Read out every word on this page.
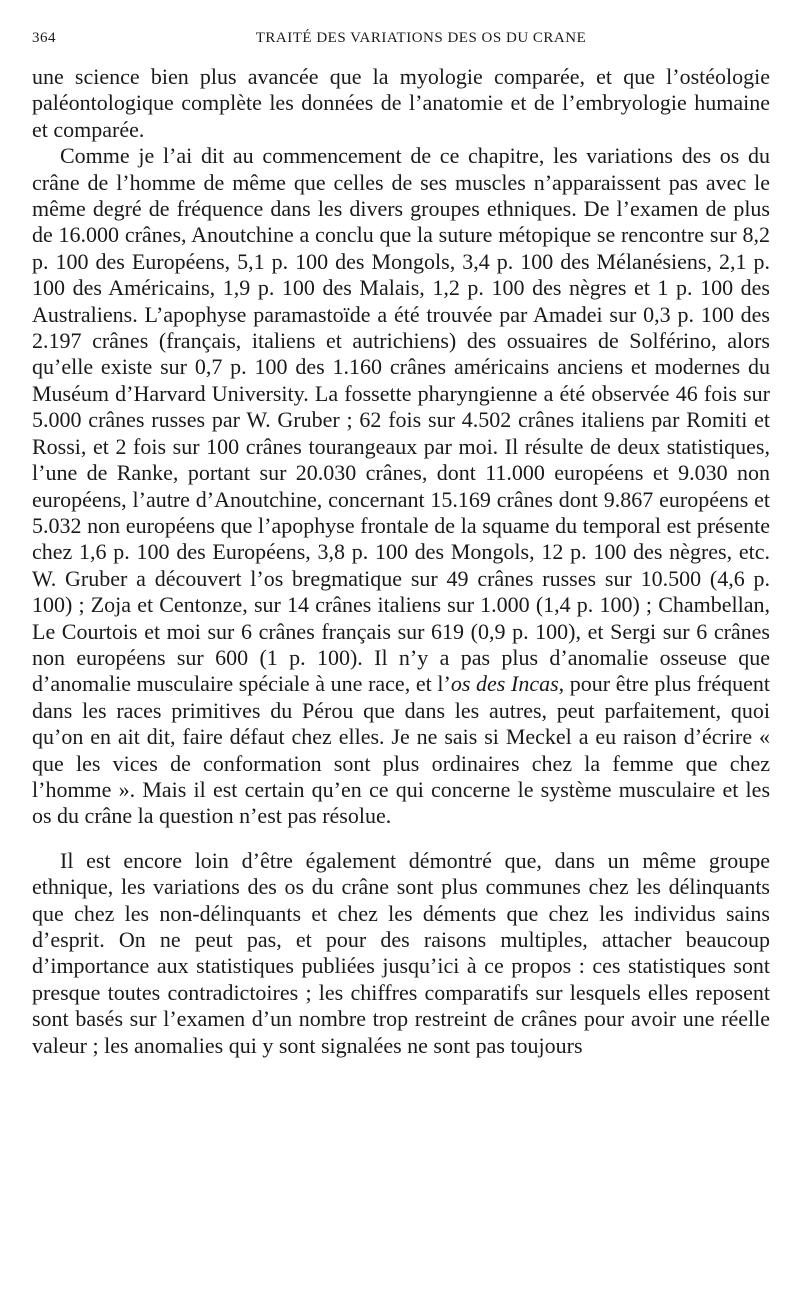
364	TRAITÉ DES VARIATIONS DES OS DU CRANE

une science bien plus avancée que la myologie comparée, et que l’ostéologie paléontologique complète les données de l’anatomie et de l’embryologie humaine et comparée.

Comme je l’ai dit au commencement de ce chapitre, les variations des os du crâne de l’homme de même que celles de ses muscles n’apparaissent pas avec le même degré de fréquence dans les divers groupes ethniques. De l’examen de plus de 16.000 crânes, Anoutchine a conclu que la suture métopique se rencontre sur 8,2 p. 100 des Européens, 5,1 p. 100 des Mongols, 3,4 p. 100 des Mélanésiens, 2,1 p. 100 des Américains, 1,9 p. 100 des Malais, 1,2 p. 100 des nègres et 1 p. 100 des Australiens. L’apophyse paramastoïde a été trouvée par Amadei sur 0,3 p. 100 des 2.197 crânes (français, italiens et autrichiens) des ossuaires de Solférino, alors qu’elle existe sur 0,7 p. 100 des 1.160 crânes américains anciens et modernes du Muséum d’Harvard University. La fossette pharyngienne a été observée 46 fois sur 5.000 crânes russes par W. Gruber ; 62 fois sur 4.502 crânes italiens par Romiti et Rossi, et 2 fois sur 100 crânes tourangeaux par moi. Il résulte de deux statistiques, l’une de Ranke, portant sur 20.030 crânes, dont 11.000 européens et 9.030 non européens, l’autre d’Anoutchine, concernant 15.169 crânes dont 9.867 européens et 5.032 non européens que l’apophyse frontale de la squame du temporal est présente chez 1,6 p. 100 des Européens, 3,8 p. 100 des Mongols, 12 p. 100 des nègres, etc. W. Gruber a découvert l’os bregmatique sur 49 crânes russes sur 10.500 (4,6 p. 100) ; Zoja et Centonze, sur 14 crânes italiens sur 1.000 (1,4 p. 100) ; Chambellan, Le Courtois et moi sur 6 crânes français sur 619 (0,9 p. 100), et Sergi sur 6 crânes non européens sur 600 (1 p. 100). Il n’y a pas plus d’anomalie osseuse que d’anomalie musculaire spéciale à une race, et l’os des Incas, pour être plus fréquent dans les races primitives du Pérou que dans les autres, peut parfaitement, quoi qu’on en ait dit, faire défaut chez elles. Je ne sais si Meckel a eu raison d’écrire « que les vices de conformation sont plus ordinaires chez la femme que chez l’homme ». Mais il est certain qu’en ce qui concerne le système musculaire et les os du crâne la question n’est pas résolue.

Il est encore loin d’être également démontré que, dans un même groupe ethnique, les variations des os du crâne sont plus communes chez les délinquants que chez les non-délinquants et chez les déments que chez les individus sains d’esprit. On ne peut pas, et pour des raisons multiples, attacher beaucoup d’importance aux statistiques publiées jusqu’ici à ce propos : ces statistiques sont presque toutes contradictoires ; les chiffres comparatifs sur lesquels elles reposent sont basés sur l’examen d’un nombre trop restreint de crânes pour avoir une réelle valeur ; les anomalies qui y sont signalées ne sont pas toujours
